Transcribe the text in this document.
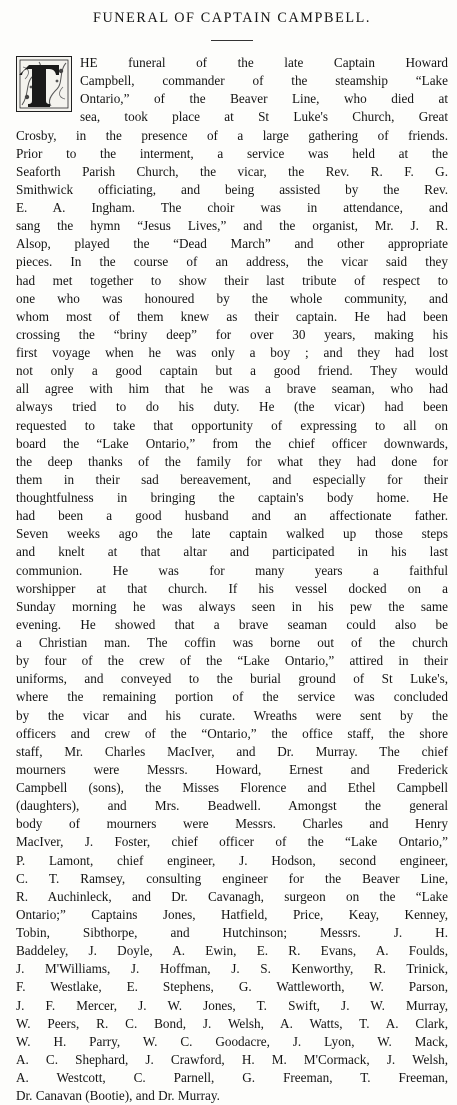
FUNERAL OF CAPTAIN CAMPBELL.
HE funeral of the late Captain Howard
Campbell, commander of the steamship “Lake
Ontario,” of the Beaver Line, who died at
sea, took place at St Luke's Church, Great
Crosby, in the presence of a large gathering of friends.
Prior to the interment, a service was held at the
Seaforth Parish Church, the vicar, the Rev. R. F. G.
Smithwick officiating, and being assisted by the Rev.
E. A. Ingham. The choir was in attendance, and
sang the hymn “Jesus Lives,” and the organist, Mr. J. R.
Alsop, played the “Dead March” and other appropriate
pieces. In the course of an address, the vicar said they
had met together to show their last tribute of respect to
one who was honoured by the whole community, and
whom most of them knew as their captain. He had been
crossing the “briny deep” for over 30 years, making his
first voyage when he was only a boy ; and they had lost
not only a good captain but a good friend. They would
all agree with him that he was a brave seaman, who had
always tried to do his duty. He (the vicar) had been
requested to take that opportunity of expressing to all on
board the “Lake Ontario,” from the chief officer downwards,
the deep thanks of the family for what they had done for
them in their sad bereavement, and especially for their
thoughtfulness in bringing the captain's body home. He
had been a good husband and an affectionate father.
Seven weeks ago the late captain walked up those steps
and knelt at that altar and participated in his last
communion. He was for many years a faithful
worshipper at that church. If his vessel docked on a
Sunday morning he was always seen in his pew the same
evening. He showed that a brave seaman could also be
a Christian man. The coffin was borne out of the church
by four of the crew of the “Lake Ontario,” attired in their
uniforms, and conveyed to the burial ground of St Luke's,
where the remaining portion of the service was concluded
by the vicar and his curate. Wreaths were sent by the
officers and crew of the “Ontario,” the office staff, the shore
staff, Mr. Charles MacIver, and Dr. Murray. The chief
mourners were Messrs. Howard, Ernest and Frederick
Campbell (sons), the Misses Florence and Ethel Campbell
(daughters), and Mrs. Beadwell. Amongst the general
body of mourners were Messrs. Charles and Henry
MacIver, J. Foster, chief officer of the “Lake Ontario,”
P. Lamont, chief engineer, J. Hodson, second engineer,
C. T. Ramsey, consulting engineer for the Beaver Line,
R. Auchinleck, and Dr. Cavanagh, surgeon on the “Lake
Ontario;” Captains Jones, Hatfield, Price, Keay, Kenney,
Tobin, Sibthorpe, and Hutchinson; Messrs. J. H.
Baddeley, J. Doyle, A. Ewin, E. R. Evans, A. Foulds,
J. M'Williams, J. Hoffman, J. S. Kenworthy, R. Trinick,
F. Westlake, E. Stephens, G. Wattleworth, W. Parson,
J. F. Mercer, J. W. Jones, T. Swift, J. W. Murray,
W. Peers, R. C. Bond, J. Welsh, A. Watts, T. A. Clark,
W. H. Parry, W. C. Goodacre, J. Lyon, W. Mack,
A. C. Shephard, J. Crawford, H. M. M'Cormack, J. Welsh,
A. Westcott, C. Parnell, G. Freeman, T. Freeman,
Dr. Canavan (Bootie), and Dr. Murray.
